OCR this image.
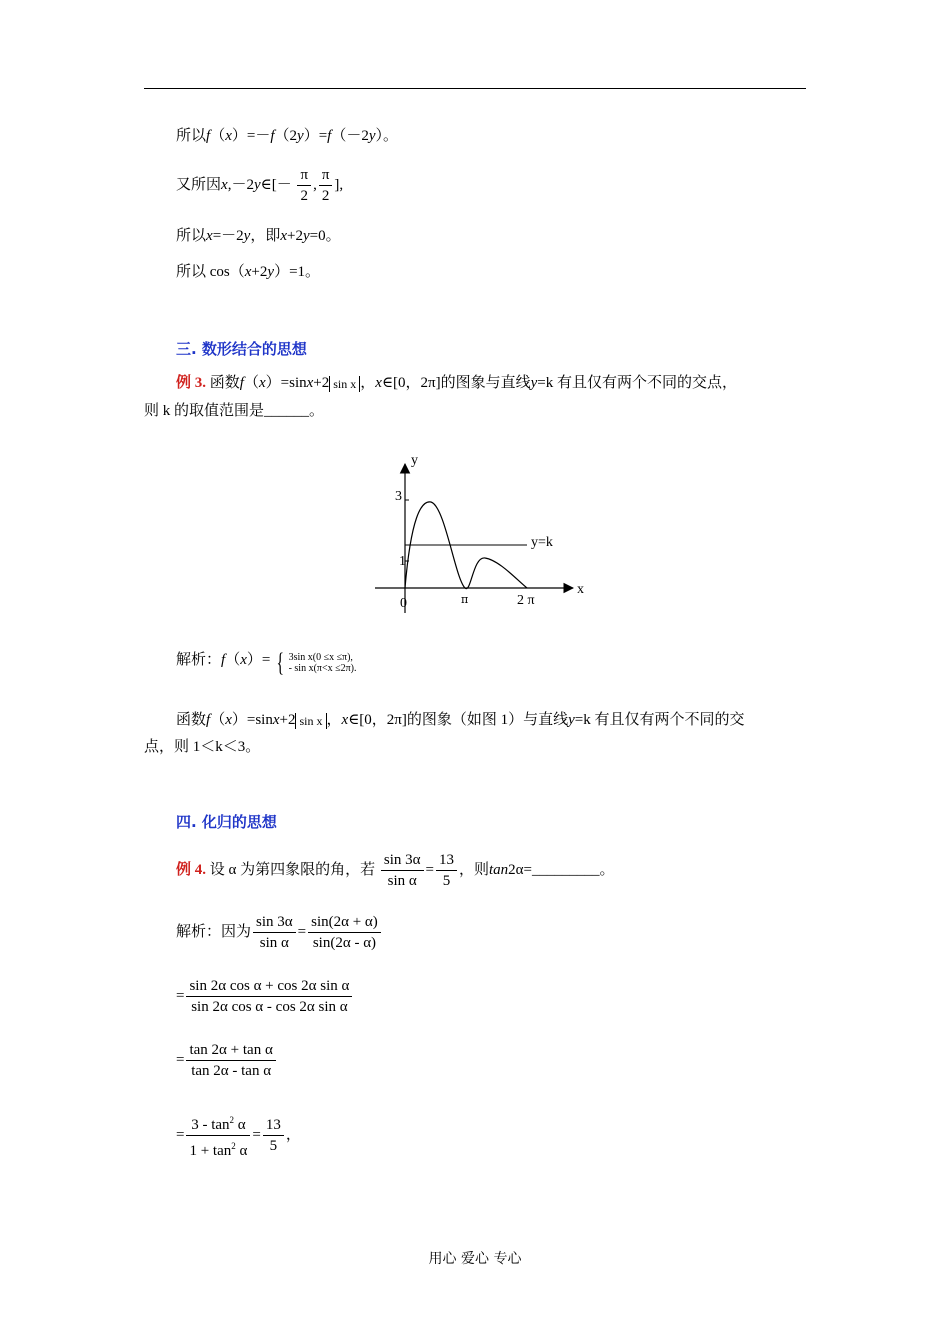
所以f（x）=－f（2y）=f（－2y）。
又所因x,－2y∈[－ $\frac{\pi}{2}$ , $\frac{\pi}{2}$ ],
所以x=－2y，即x+2y=0。
所以 cos（x+2y）=1。
三. 数形结合的思想
例 3. 函数f（x）=sinx+2 sin x ，x∈[0，2π]的图象与直线y=k 有且仅有两个不同的交点，
则 k 的取值范围是______。
y
x
3
1
0	π	2 π
y=k
解析：f（x）= { 3sin x(0 ≤x ≤π),
- sin x(π<x ≤2π).
函数f（x）=sinx+2 sin x ，x∈[0，2π]的图象（如图 1）与直线y=k 有且仅有两个不同的交
点，则 1＜k＜3。
四. 化归的思想
例 4. 设 α 为第四象限的角，若 $\frac{\sin 3\alpha}{\text{sin α}} = \frac{13}{5}$ ，则tan2α=_________。
解析：因为 $\frac{\sin 3\alpha}{\text{sin α}} = \frac{\sin(2\alpha + \alpha)}{\sin(2\alpha - \alpha)}$
= $\frac{\text{sin 2α cos α + cos 2α sin α}}{\text{sin 2α cos α - cos 2α sin α}}$
= $\frac{\text{tan 2α + tan α}}{\text{tan 2α - tan α}}$
= $\frac{3 - \tan^2 \alpha}{1 + \tan^2 \alpha} = \frac{13}{5}$ ，
用心 爱心 专心
